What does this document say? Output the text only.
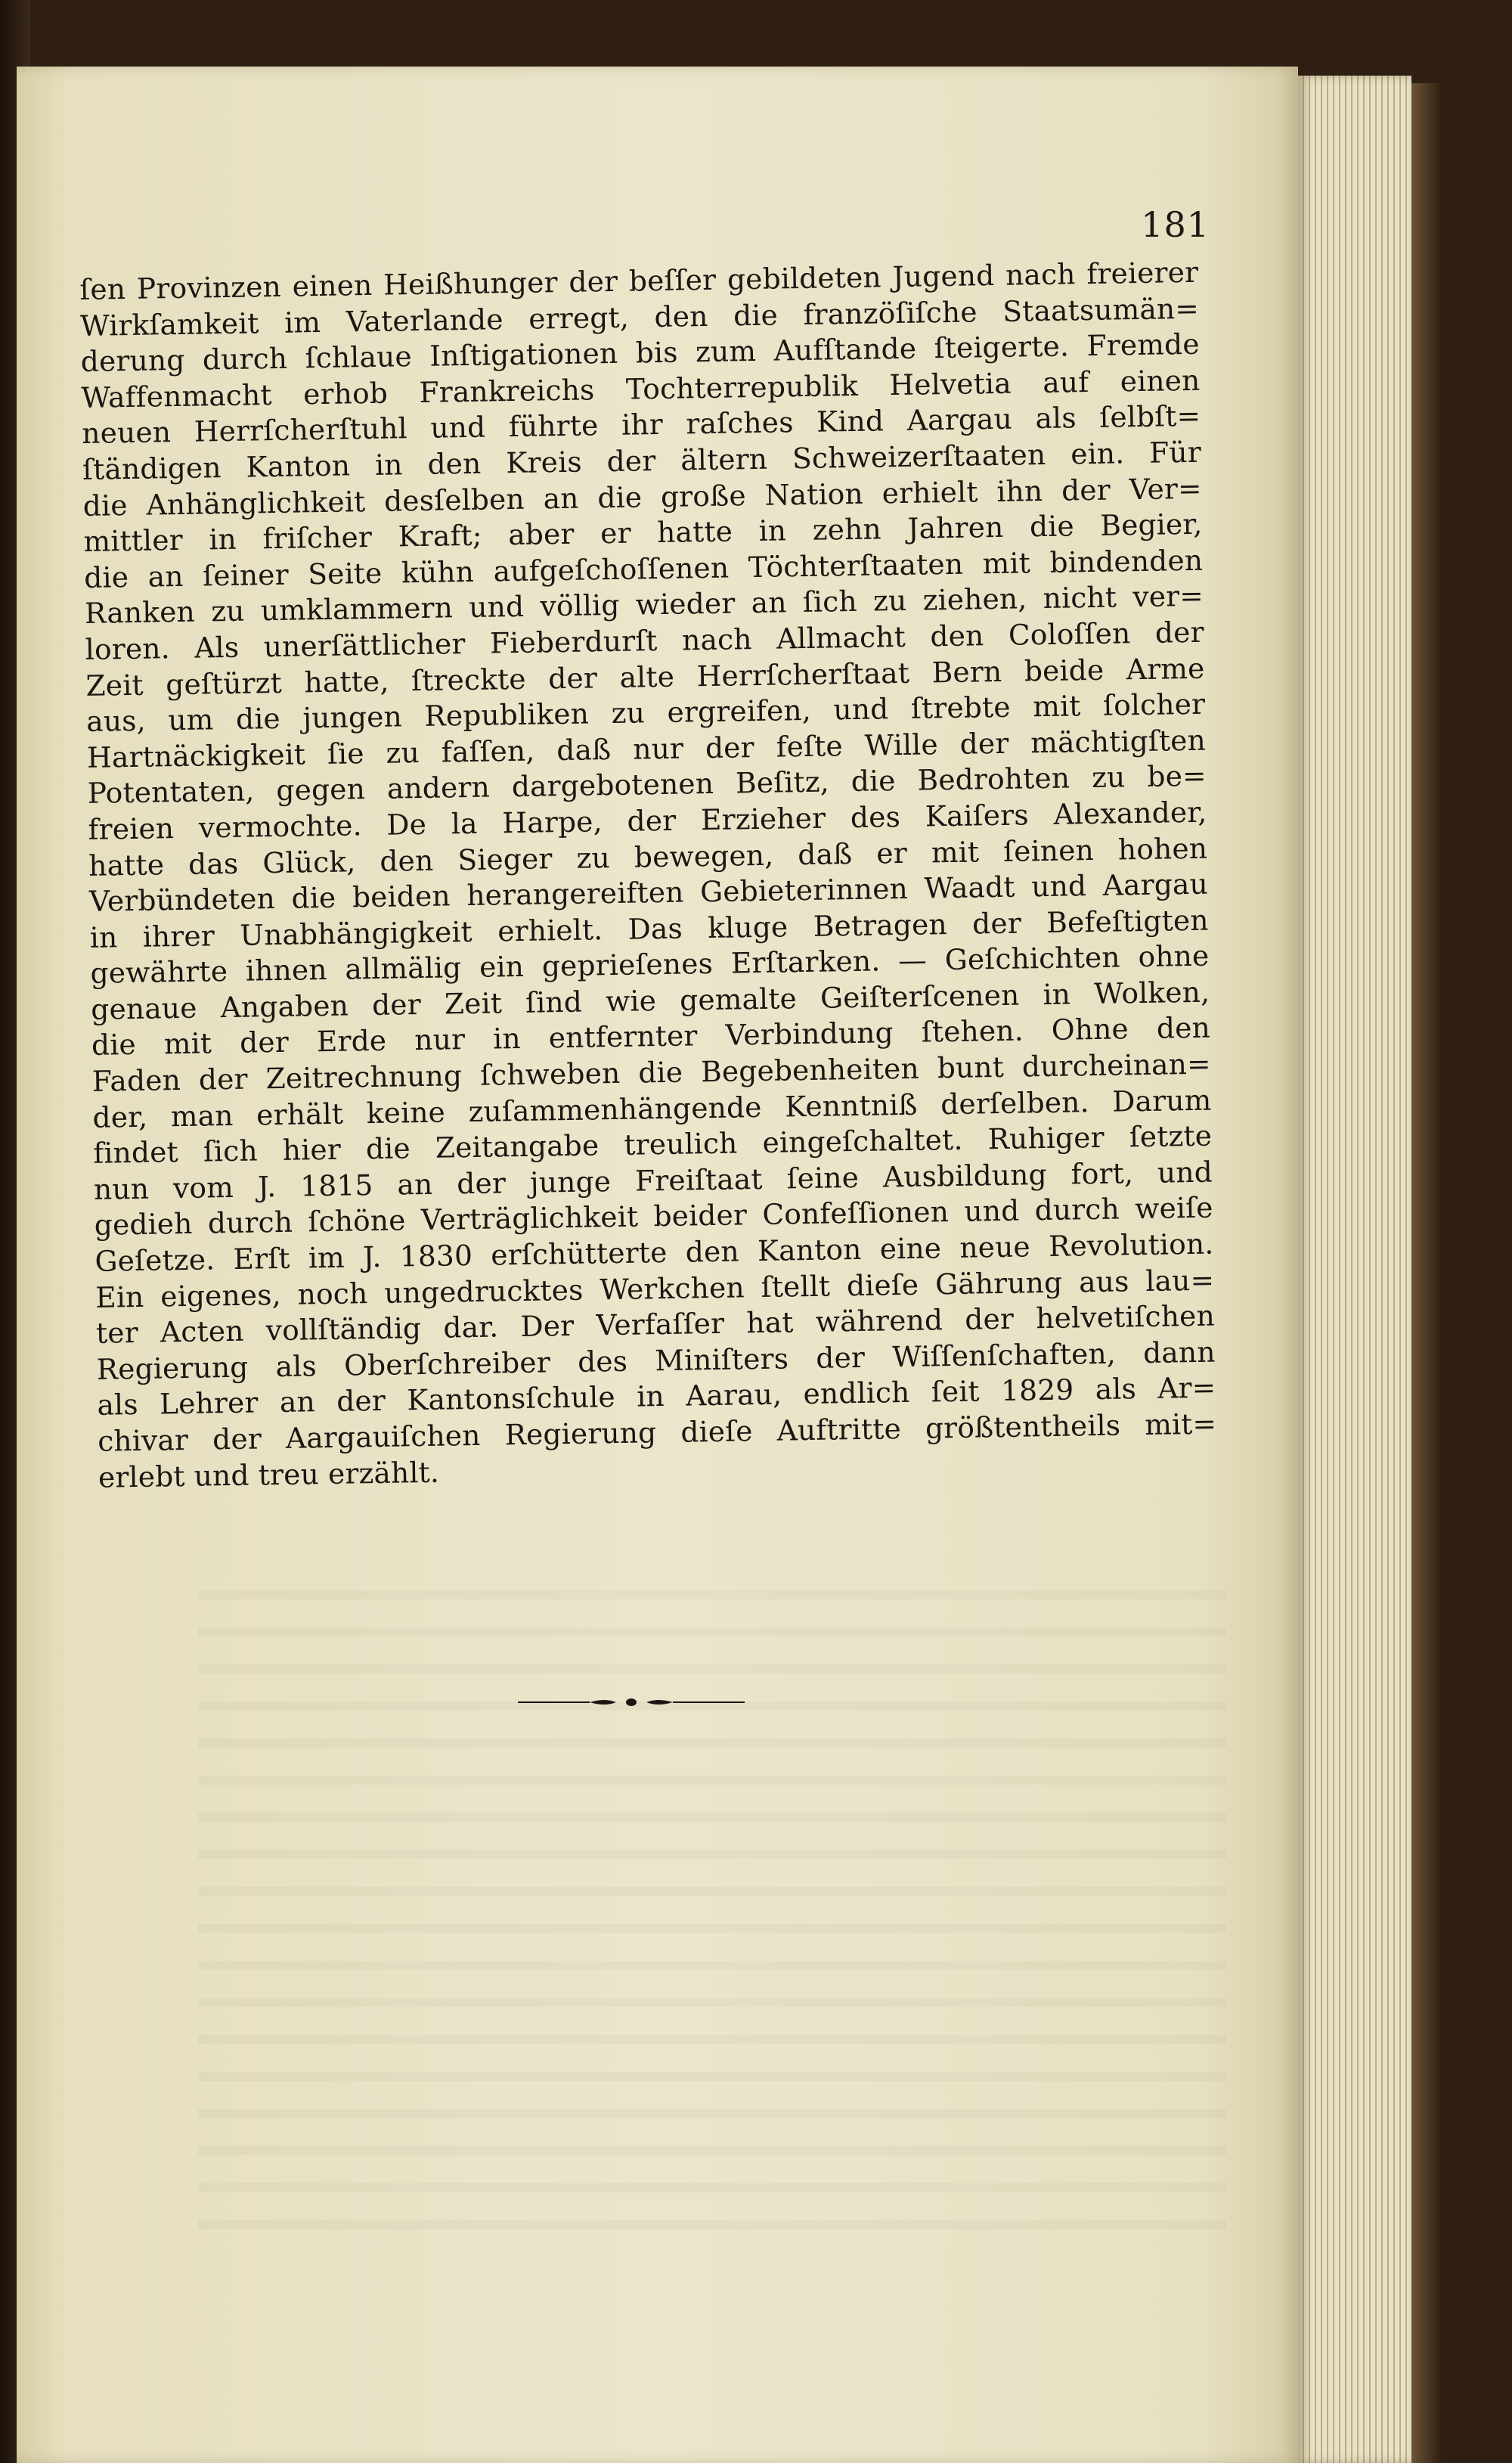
181
ſen Provinzen einen Heißhunger der beſſer gebildeten Jugend nach freierer
Wirkſamkeit im Vaterlande erregt, den die franzöſiſche Staatsumän=
derung durch ſchlaue Inſtigationen bis zum Aufſtande ſteigerte. Fremde
Waffenmacht erhob Frankreichs Tochterrepublik Helvetia auf einen
neuen Herrſcherſtuhl und führte ihr raſches Kind Aargau als ſelbſt=
ſtändigen Kanton in den Kreis der ältern Schweizerſtaaten ein. Für
die Anhänglichkeit desſelben an die große Nation erhielt ihn der Ver=
mittler in friſcher Kraft; aber er hatte in zehn Jahren die Begier,
die an ſeiner Seite kühn aufgeſchoſſenen Töchterſtaaten mit bindenden
Ranken zu umklammern und völlig wieder an ſich zu ziehen, nicht ver=
loren. Als unerſättlicher Fieberdurſt nach Allmacht den Coloſſen der
Zeit geſtürzt hatte, ſtreckte der alte Herrſcherſtaat Bern beide Arme
aus, um die jungen Republiken zu ergreifen, und ſtrebte mit ſolcher
Hartnäckigkeit ſie zu faſſen, daß nur der feſte Wille der mächtigſten
Potentaten, gegen andern dargebotenen Beſitz, die Bedrohten zu be=
freien vermochte. De la Harpe, der Erzieher des Kaiſers Alexander,
hatte das Glück, den Sieger zu bewegen, daß er mit ſeinen hohen
Verbündeten die beiden herangereiften Gebieterinnen Waadt und Aargau
in ihrer Unabhängigkeit erhielt. Das kluge Betragen der Befeſtigten
gewährte ihnen allmälig ein geprieſenes Erſtarken. — Geſchichten ohne
genaue Angaben der Zeit ſind wie gemalte Geiſterſcenen in Wolken,
die mit der Erde nur in entfernter Verbindung ſtehen. Ohne den
Faden der Zeitrechnung ſchweben die Begebenheiten bunt durcheinan=
der, man erhält keine zuſammenhängende Kenntniß derſelben. Darum
findet ſich hier die Zeitangabe treulich eingeſchaltet. Ruhiger ſetzte
nun vom J. 1815 an der junge Freiſtaat ſeine Ausbildung fort, und
gedieh durch ſchöne Verträglichkeit beider Confeſſionen und durch weiſe
Geſetze. Erſt im J. 1830 erſchütterte den Kanton eine neue Revolution.
Ein eigenes, noch ungedrucktes Werkchen ſtellt dieſe Gährung aus lau=
ter Acten vollſtändig dar. Der Verfaſſer hat während der helvetiſchen
Regierung als Oberſchreiber des Miniſters der Wiſſenſchaften, dann
als Lehrer an der Kantonsſchule in Aarau, endlich ſeit 1829 als Ar=
chivar der Aargauiſchen Regierung dieſe Auftritte größtentheils mit=
erlebt und treu erzählt.
